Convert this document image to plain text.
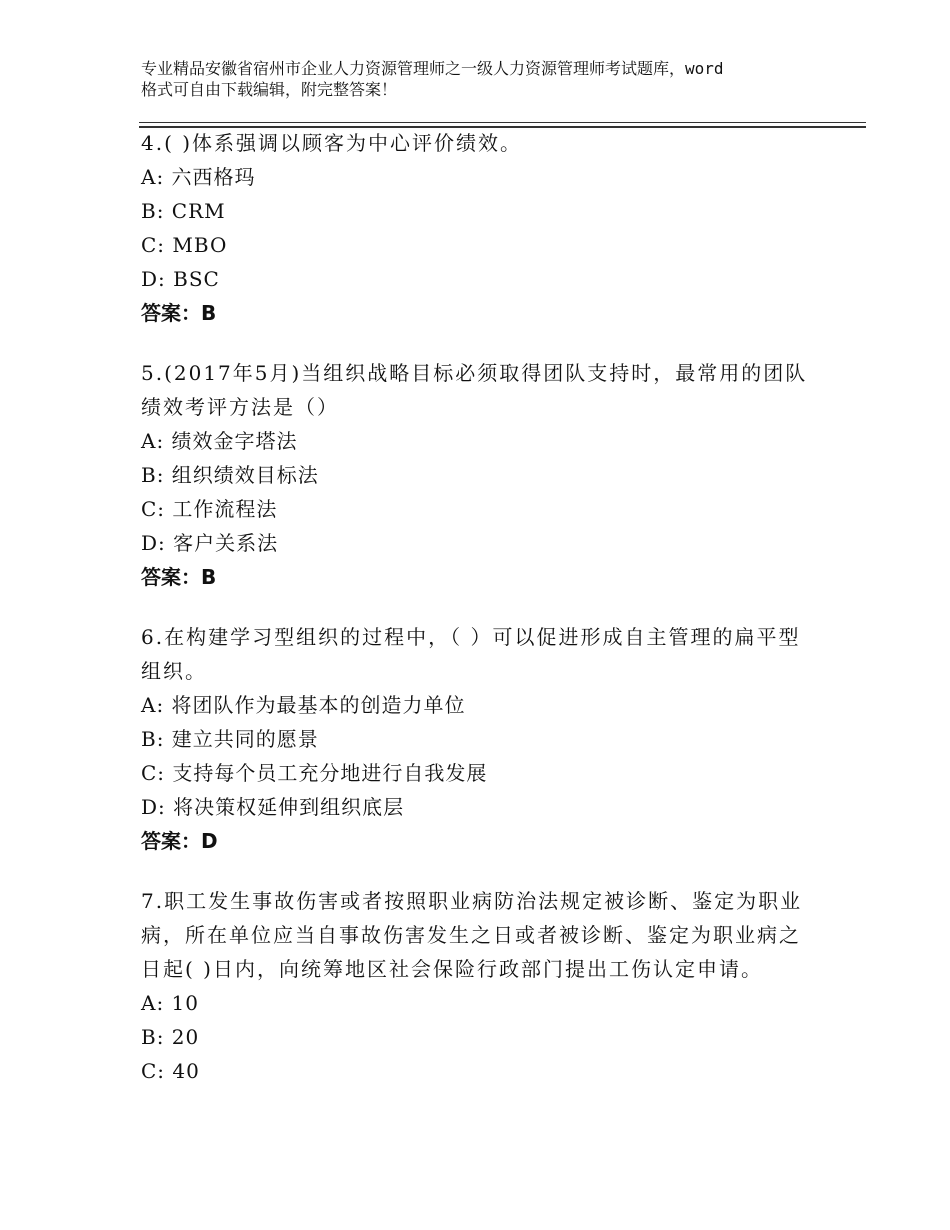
专业精品安徽省宿州市企业人力资源管理师之一级人力资源管理师考试题库，word
格式可自由下载编辑，附完整答案！
4.( )体系强调以顾客为中心评价绩效。
A: 六西格玛
B: CRM
C: MBO
D: BSC
答案：B
5.(2017年5月)当组织战略目标必须取得团队支持时，最常用的团队
绩效考评方法是（）
A: 绩效金字塔法
B: 组织绩效目标法
C: 工作流程法
D: 客户关系法
答案：B
6.在构建学习型组织的过程中，（ ）可以促进形成自主管理的扁平型
组织。
A: 将团队作为最基本的创造力单位
B: 建立共同的愿景
C: 支持每个员工充分地进行自我发展
D: 将决策权延伸到组织底层
答案：D
7.职工发生事故伤害或者按照职业病防治法规定被诊断、鉴定为职业
病，所在单位应当自事故伤害发生之日或者被诊断、鉴定为职业病之
日起( )日内，向统筹地区社会保险行政部门提出工伤认定申请。
A: 10
B: 20
C: 40
